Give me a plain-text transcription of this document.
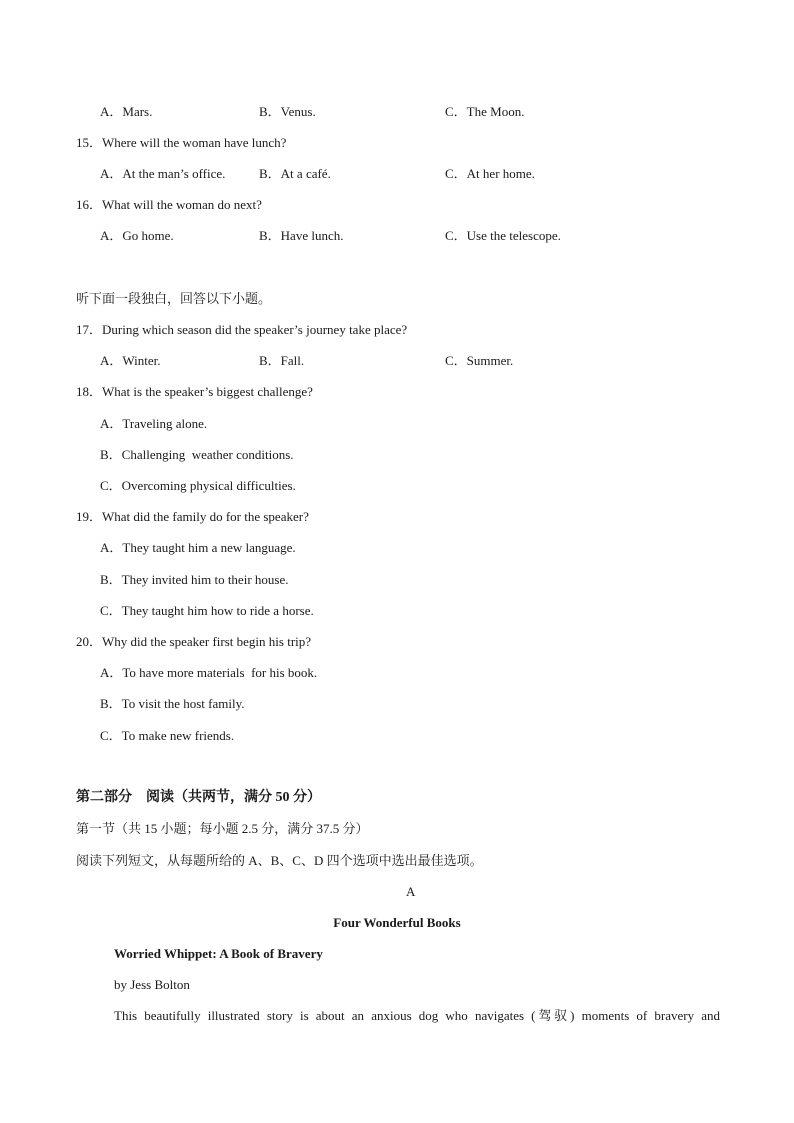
A．Mars.	B．Venus.	C．The Moon.
15．Where will the woman have lunch?
A．At the man’s office.	B．At a café.	C．At her home.
16．What will the woman do next?
A．Go home.	B．Have lunch.	C．Use the telescope.
听下面一段独白，回答以下小题。
17．During which season did the speaker’s journey take place?
A．Winter.	B．Fall.	C．Summer.
18．What is the speaker’s biggest challenge?
A．Traveling alone.
B．Challenging  weather conditions.
C．Overcoming physical difficulties.
19．What did the family do for the speaker?
A．They taught him a new language.
B．They invited him to their house.
C．They taught him how to ride a horse.
20．Why did the speaker first begin his trip?
A．To have more materials  for his book.
B．To visit the host family.
C．To make new friends.
第二部分　阅读（共两节，满分 50 分）
第一节（共 15 小题；每小题 2.5 分，满分 37.5 分）
阅读下列短文，从每题所给的 A、B、C、D 四个选项中选出最佳选项。
A
Four Wonderful Books
Worried Whippet: A Book of Bravery
by Jess Bolton
This beautifully illustrated story is about an anxious dog who navigates (驾驭) moments of bravery and
